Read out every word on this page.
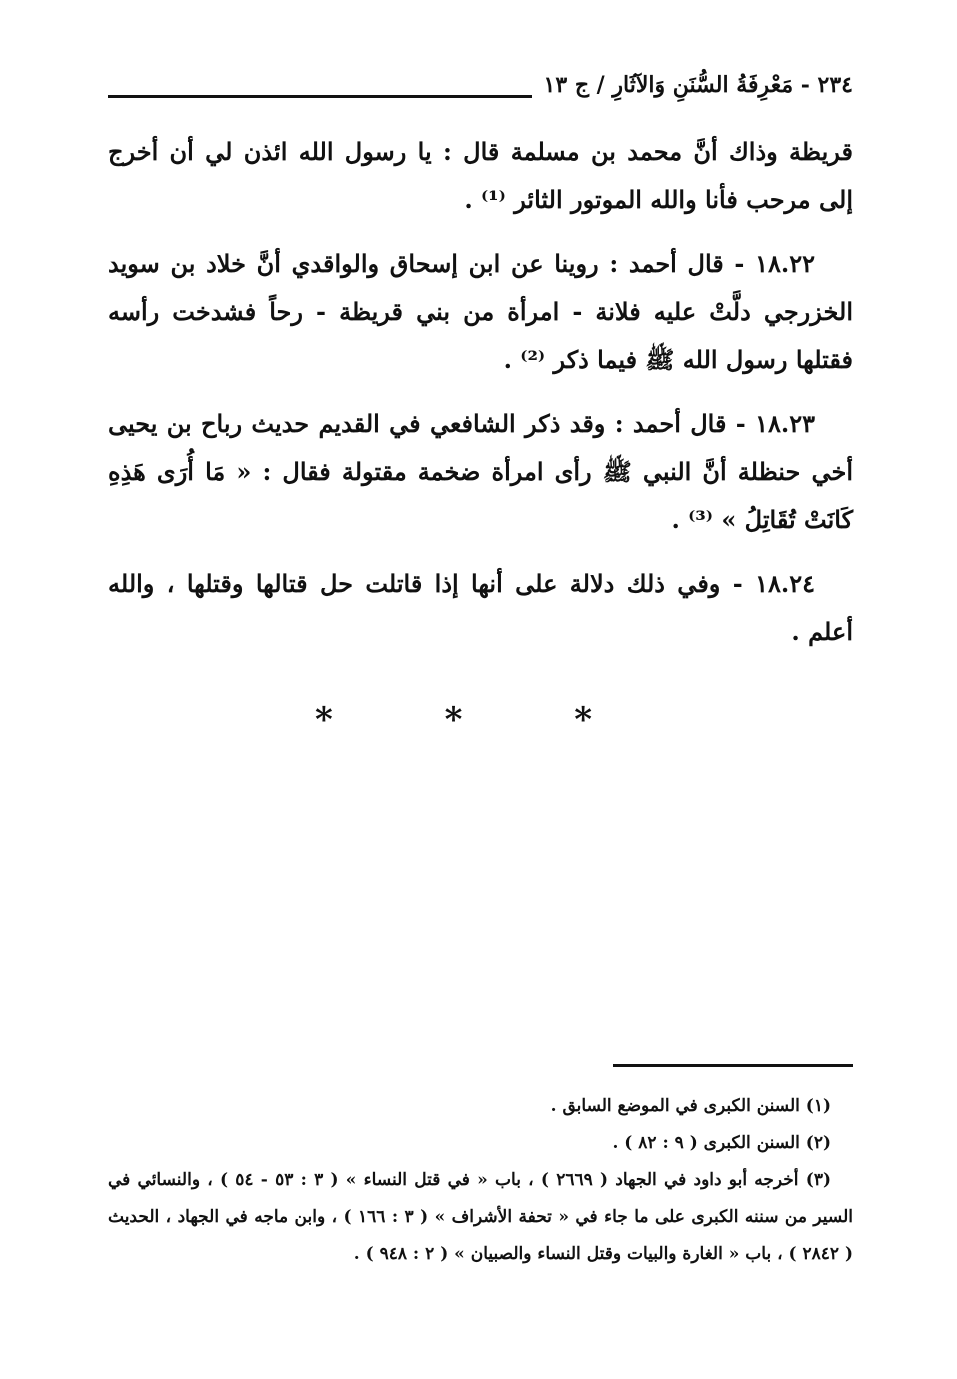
٢٣٤ - مَعْرِفَةُ السُّنَنِ وَالآثَارِ / ج ١٣

قريظة وذاك أنَّ محمد بن مسلمة قال : يا رسول الله ائذن لي أن أخرج إلى مرحب فأنا والله الموتور الثائر ⁽¹⁾ .

١٨.٢٢ - قال أحمد : روينا عن ابن إسحاق والواقدي أنَّ خلاد بن سويد الخزرجي دلَّتْ عليه فلانة - امرأة من بني قريظة - رحاً فشدخت رأسه فقتلها رسول الله ﷺ فيما ذكر ⁽²⁾ .

١٨.٢٣ - قال أحمد : وقد ذكر الشافعي في القديم حديث رباح بن يحيى أخي حنظلة أنَّ النبي ﷺ رأى امرأة ضخمة مقتولة فقال : « مَا أُرَى هَذِهِ كَانَتْ تُقَاتِلُ » ⁽³⁾ .

١٨.٢٤ - وفي ذلك دلالة على أنها إذا قاتلت حل قتالها وقتلها ، والله أعلم .

* * *

(١) السنن الكبرى في الموضع السابق .

(٢) السنن الكبرى ( ٩ : ٨٢ ) .

(٣) أخرجه أبو داود في الجهاد ( ٢٦٦٩ ) ، باب « في قتل النساء » ( ٣ : ٥٣ - ٥٤ ) ، والنسائي في السير من سننه الكبرى على ما جاء في « تحفة الأشراف » ( ٣ : ١٦٦ ) ، وابن ماجه في الجهاد ، الحديث ( ٢٨٤٢ ) ، باب « الغارة والبيات وقتل النساء والصبيان » ( ٢ : ٩٤٨ ) .
